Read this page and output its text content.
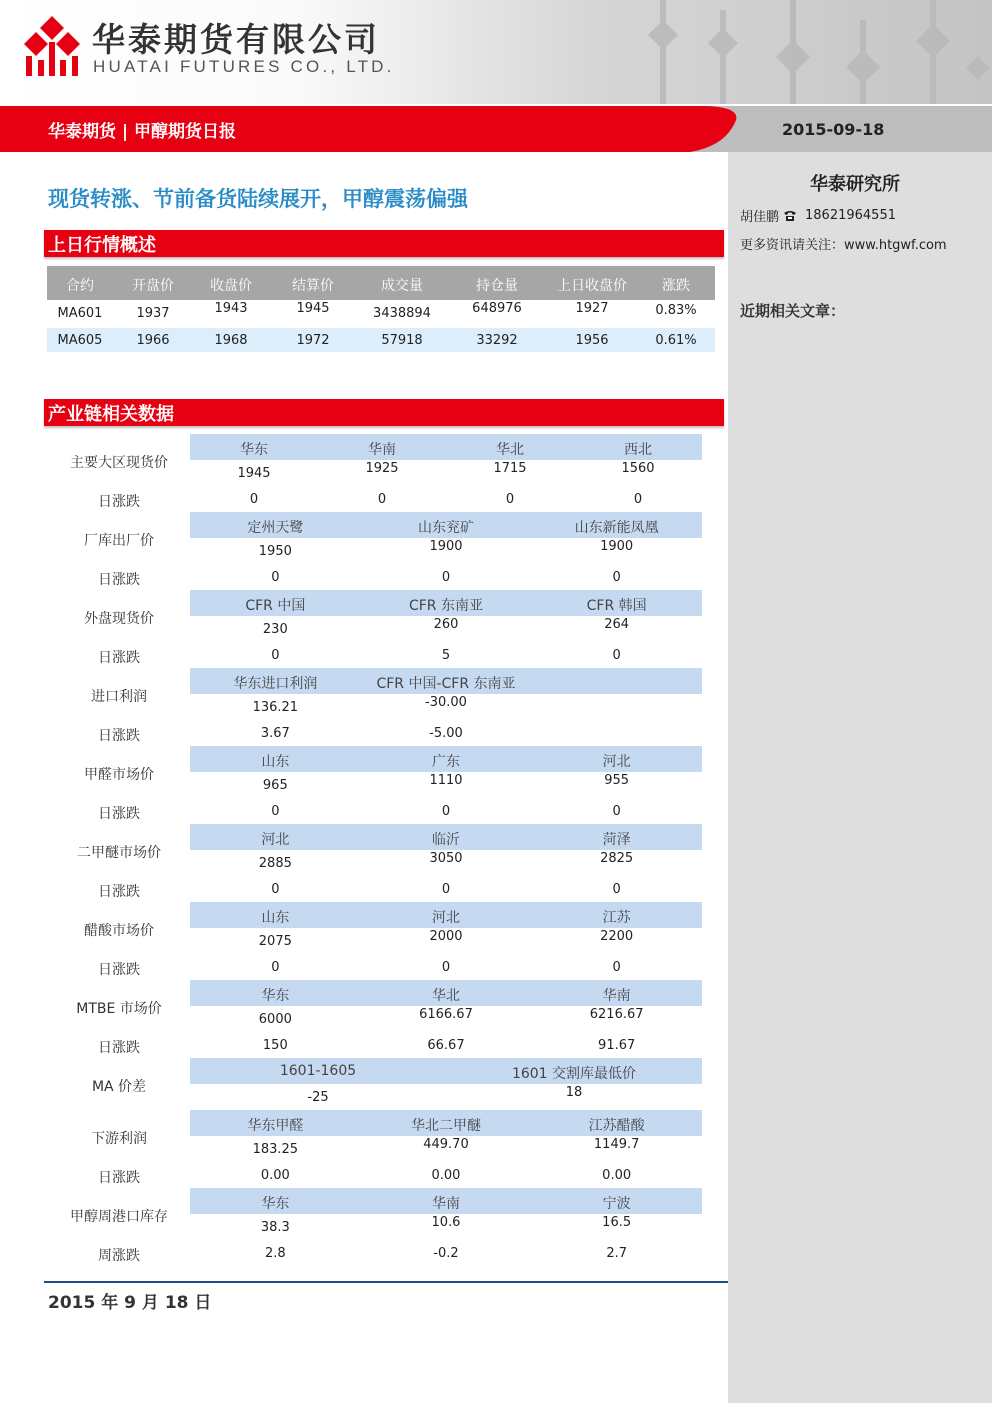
华泰期货有限公司
HUATAI FUTURES CO., LTD.
华泰期货 | 甲醇期货日报	2015-09-18
华泰研究所
胡佳鹏 18621964551
更多资讯请关注：www.htgwf.com
近期相关文章：
现货转涨、节前备货陆续展开，甲醇震荡偏强
上日行情概述
合约	开盘价	收盘价	结算价	成交量	持仓量	上日收盘价	涨跌
MA601	1937	1943	1945	3438894	648976	1927	0.83%
MA605	1966	1968	1972	57918	33292	1956	0.61%
产业链相关数据
主要大区现货价
华东	华南	华北	西北
1945	1925	1715	1560
日涨跌	0	0	0	0
厂库出厂价
定州天鹭	山东兖矿	山东新能凤凰
1950	1900	1900
日涨跌	0	0	0
外盘现货价
CFR 中国	CFR 东南亚	CFR 韩国
230	260	264
日涨跌	0	5	0
进口利润
华东进口利润	CFR 中国-CFR 东南亚
136.21	-30.00
日涨跌	3.67	-5.00
甲醛市场价
山东	广东	河北
965	1110	955
日涨跌	0	0	0
二甲醚市场价
河北	临沂	菏泽
2885	3050	2825
日涨跌	0	0	0
醋酸市场价
山东	河北	江苏
2075	2000	2200
日涨跌	0	0	0
MTBE 市场价
华东	华北	华南
6000	6166.67	6216.67
日涨跌	150	66.67	91.67
MA 价差
1601-1605	1601 交割库最低价
-25	18
下游利润
华东甲醛	华北二甲醚	江苏醋酸
183.25	449.70	1149.7
日涨跌	0.00	0.00	0.00
甲醇周港口库存
华东	华南	宁波
38.3	10.6	16.5
周涨跌	2.8	-0.2	2.7
2015 年 9 月 18 日
